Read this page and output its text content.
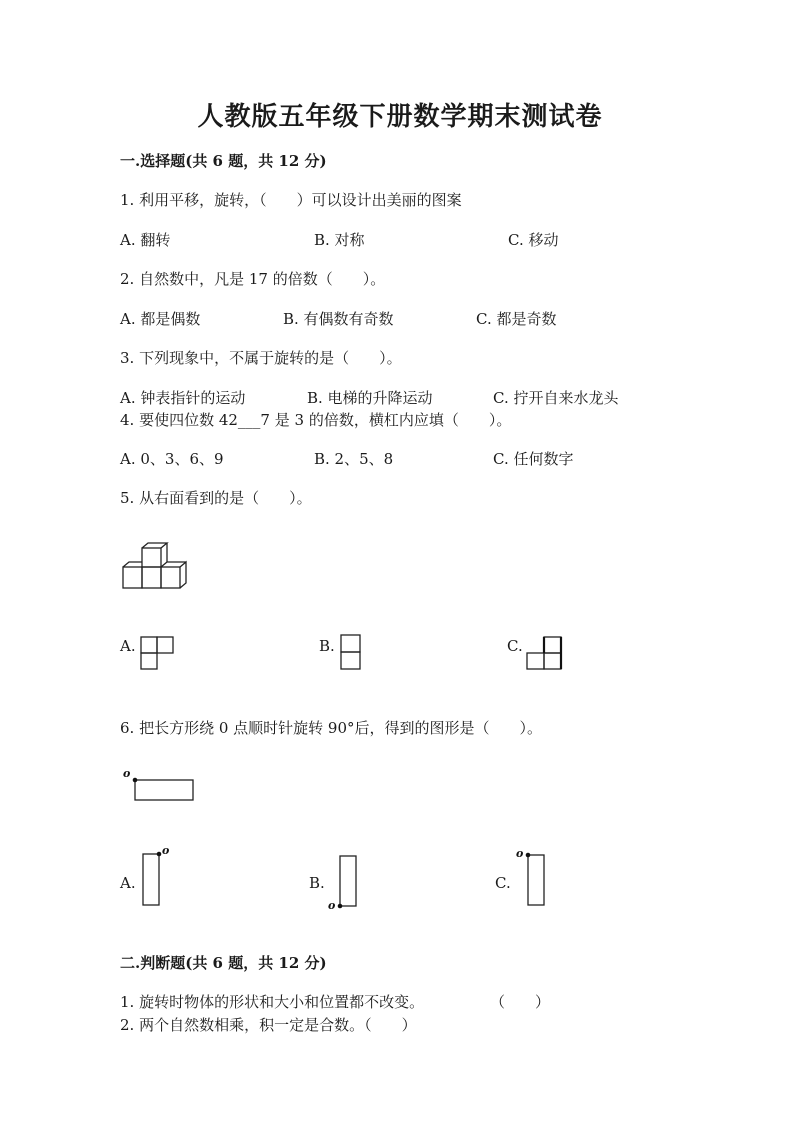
人教版五年级下册数学期末测试卷
一.选择题(共 6 题，共 12 分)
1. 利用平移，旋转，（　　）可以设计出美丽的图案
A. 翻转	B. 对称	C. 移动
2. 自然数中，凡是 17 的倍数（　　）。
A. 都是偶数	B. 有偶数有奇数	C. 都是奇数
3. 下列现象中，不属于旋转的是（　　）。
A. 钟表指针的运动	B. 电梯的升降运动	C. 拧开自来水龙头
4. 要使四位数 42___7 是 3 的倍数，横杠内应填（　　）。
A. 0、3、6、9	B. 2、5、8	C. 任何数字
5. 从右面看到的是（　　）。
A.	B.	C.
6. 把长方形绕 0 点顺时针旋转 90°后，得到的图形是（　　）。
o
A.
o
B.
o
C.
o
二.判断题(共 6 题，共 12 分)
1. 旋转时物体的形状和大小和位置都不改变。	（　　）
2. 两个自然数相乘，积一定是合数。（　　）
